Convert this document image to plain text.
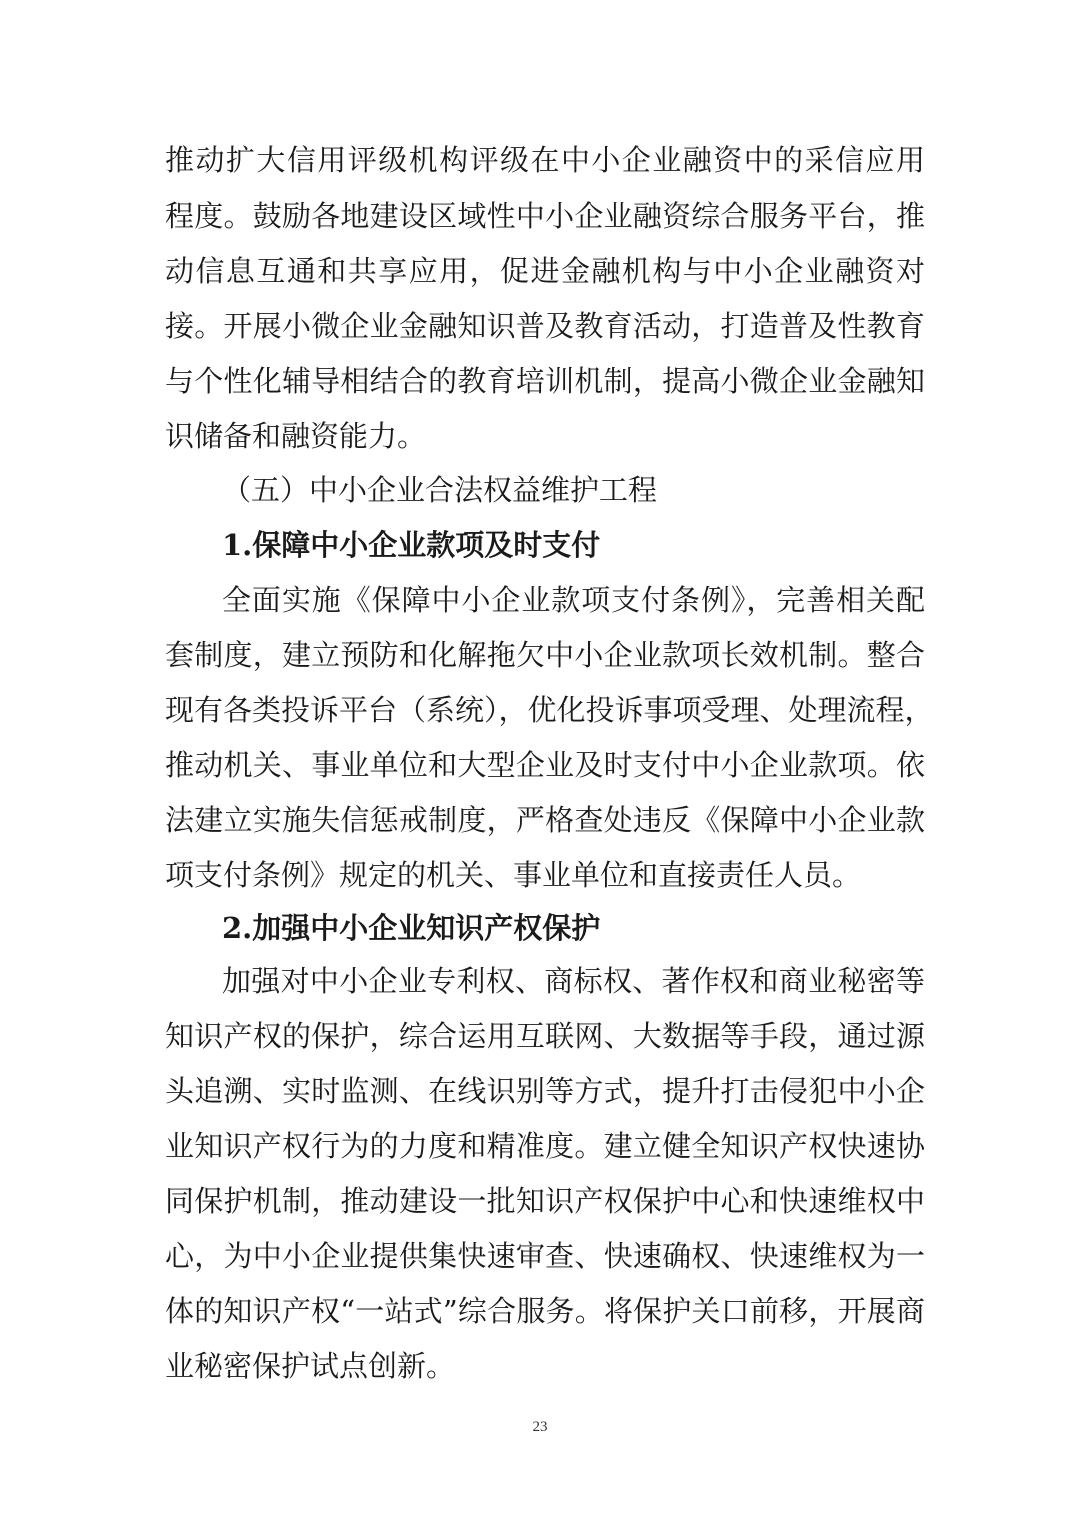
推动扩大信用评级机构评级在中小企业融资中的采信应用
程度。鼓励各地建设区域性中小企业融资综合服务平台，推
动信息互通和共享应用，促进金融机构与中小企业融资对
接。开展小微企业金融知识普及教育活动，打造普及性教育
与个性化辅导相结合的教育培训机制，提高小微企业金融知
识储备和融资能力。
（五）中小企业合法权益维护工程
1.保障中小企业款项及时支付
全面实施《保障中小企业款项支付条例》，完善相关配
套制度，建立预防和化解拖欠中小企业款项长效机制。整合
现有各类投诉平台（系统），优化投诉事项受理、处理流程，
推动机关、事业单位和大型企业及时支付中小企业款项。依
法建立实施失信惩戒制度，严格查处违反《保障中小企业款
项支付条例》规定的机关、事业单位和直接责任人员。
2.加强中小企业知识产权保护
加强对中小企业专利权、商标权、著作权和商业秘密等
知识产权的保护，综合运用互联网、大数据等手段，通过源
头追溯、实时监测、在线识别等方式，提升打击侵犯中小企
业知识产权行为的力度和精准度。建立健全知识产权快速协
同保护机制，推动建设一批知识产权保护中心和快速维权中
心，为中小企业提供集快速审查、快速确权、快速维权为一
体的知识产权“一站式”综合服务。将保护关口前移，开展商
业秘密保护试点创新。
23
